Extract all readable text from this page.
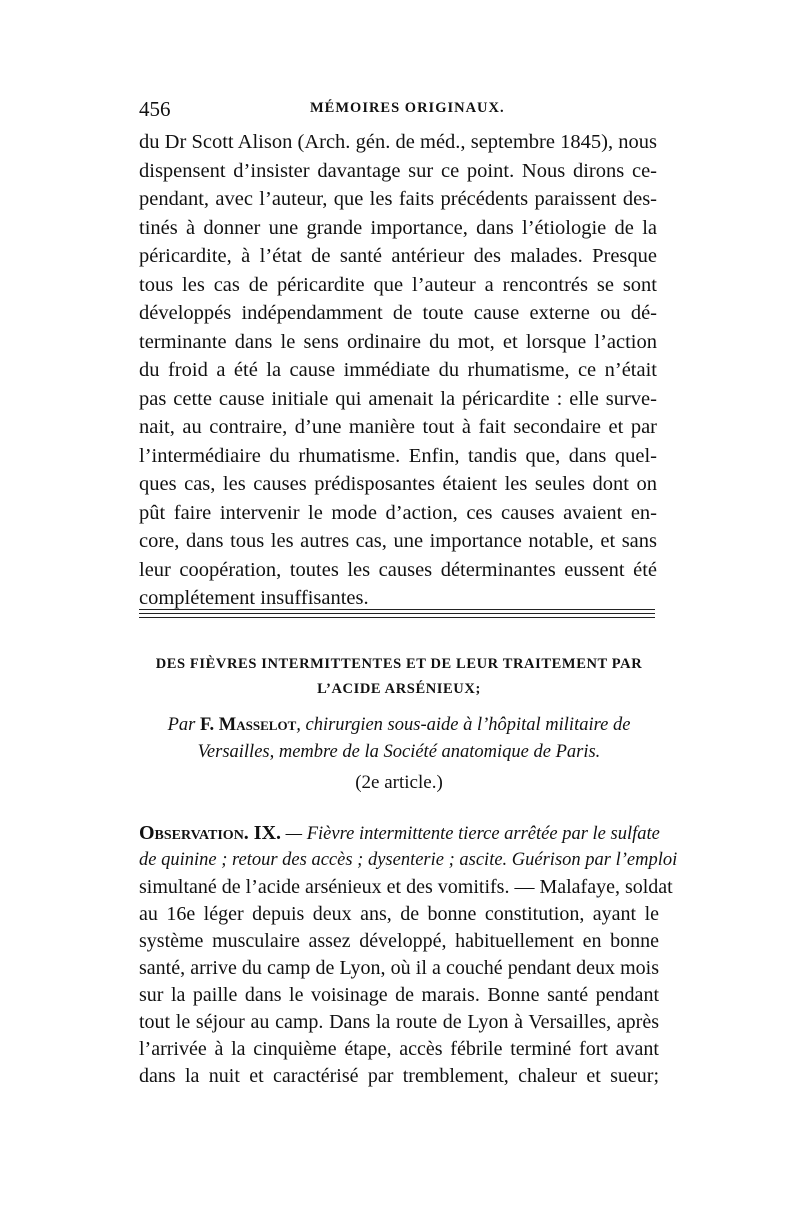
456	MÉMOIRES ORIGINAUX.
du Dr Scott Alison (Arch. gén. de méd., septembre 1845), nous
dispensent d’insister davantage sur ce point. Nous dirons ce-
pendant, avec l’auteur, que les faits précédents paraissent des-
tinés à donner une grande importance, dans l’étiologie de la
péricardite, à l’état de santé antérieur des malades. Presque
tous les cas de péricardite que l’auteur a rencontrés se sont
développés indépendamment de toute cause externe ou dé-
terminante dans le sens ordinaire du mot, et lorsque l’action
du froid a été la cause immédiate du rhumatisme, ce n’était
pas cette cause initiale qui amenait la péricardite : elle surve-
nait, au contraire, d’une manière tout à fait secondaire et par
l’intermédiaire du rhumatisme. Enfin, tandis que, dans quel-
ques cas, les causes prédisposantes étaient les seules dont on
pût faire intervenir le mode d’action, ces causes avaient en-
core, dans tous les autres cas, une importance notable, et sans
leur coopération, toutes les causes déterminantes eussent été
complétement insuffisantes.
DES FIÈVRES INTERMITTENTES ET DE LEUR TRAITEMENT PAR
L’ACIDE ARSÉNIEUX;
Par F. Masselot, chirurgien sous-aide à l’hôpital militaire de
Versailles, membre de la Société anatomique de Paris.
(2e article.)
Observation. IX. — Fièvre intermittente tierce arrêtée par le sulfate
de quinine ; retour des accès ; dysenterie ; ascite. Guérison par l’emploi
simultané de l’acide arsénieux et des vomitifs. — Malafaye, soldat
au 16e léger depuis deux ans, de bonne constitution, ayant le
système musculaire assez développé, habituellement en bonne
santé, arrive du camp de Lyon, où il a couché pendant deux mois
sur la paille dans le voisinage de marais. Bonne santé pendant
tout le séjour au camp. Dans la route de Lyon à Versailles, après
l’arrivée à la cinquième étape, accès fébrile terminé fort avant
dans la nuit et caractérisé par tremblement, chaleur et sueur;
